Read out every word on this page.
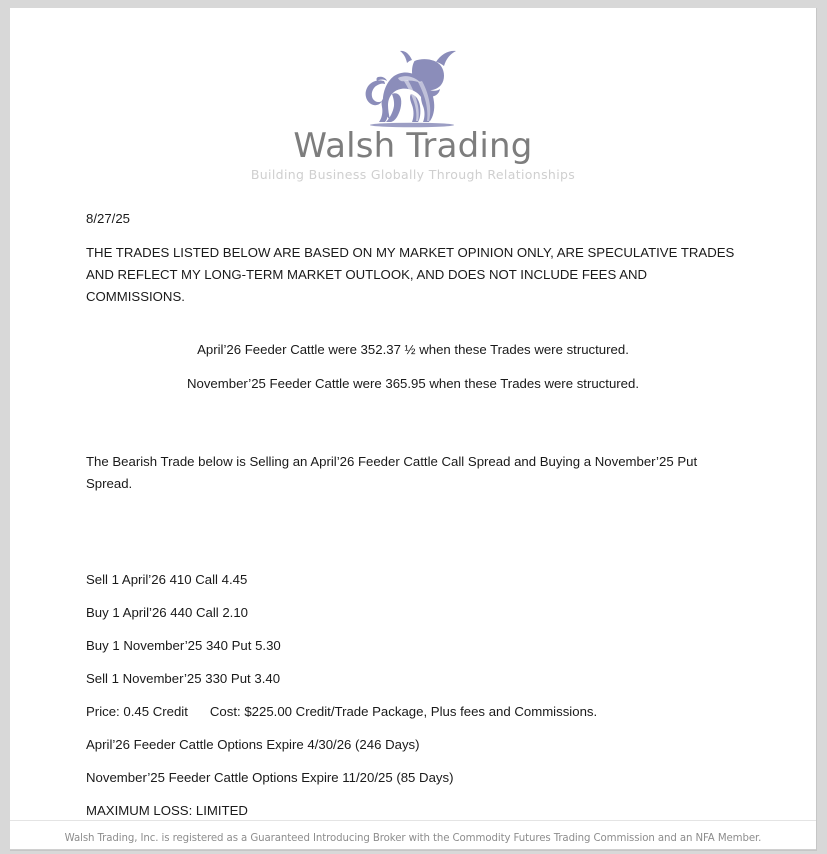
Walsh Trading
Building Business Globally Through Relationships

8/27/25

THE TRADES LISTED BELOW ARE BASED ON MY MARKET OPINION ONLY, ARE SPECULATIVE TRADES AND REFLECT MY LONG-TERM MARKET OUTLOOK, AND DOES NOT INCLUDE FEES AND COMMISSIONS.

April’26 Feeder Cattle were 352.37 ½ when these Trades were structured.

November’25 Feeder Cattle were 365.95 when these Trades were structured.

The Bearish Trade below is Selling an April’26 Feeder Cattle Call Spread and Buying a November’25 Put Spread.

Sell 1 April’26 410 Call 4.45

Buy 1 April’26 440 Call 2.10

Buy 1 November’25 340 Put 5.30

Sell 1 November’25 330 Put 3.40

Price: 0.45 Credit Cost: $225.00 Credit/Trade Package, Plus fees and Commissions.

April’26 Feeder Cattle Options Expire 4/30/26 (246 Days)

November’25 Feeder Cattle Options Expire 11/20/25 (85 Days)

MAXIMUM LOSS: LIMITED

Walsh Trading, Inc. is registered as a Guaranteed Introducing Broker with the Commodity Futures Trading Commission and an NFA Member.
